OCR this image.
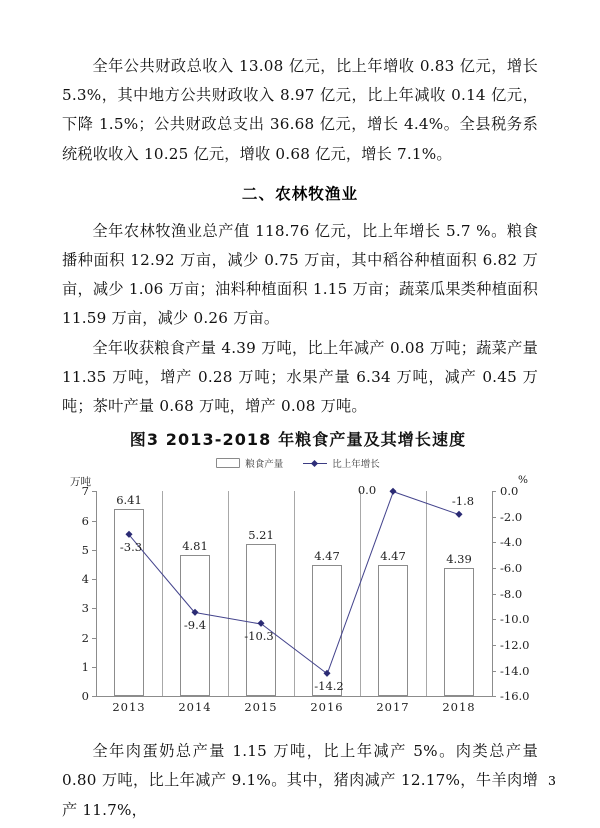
全年公共财政总收入 13.08 亿元，比上年增收 0.83 亿元，增长 5.3%，其中地方公共财政收入 8.97 亿元，比上年减收 0.14 亿元，下降 1.5%；公共财政总支出 36.68 亿元，增长 4.4%。全县税务系统税收收入 10.25 亿元，增收 0.68 亿元，增长 7.1%。

二、农林牧渔业

全年农林牧渔业总产值 118.76 亿元，比上年增长 5.7 %。粮食播种面积 12.92 万亩，减少 0.75 万亩，其中稻谷种植面积 6.82 万亩，减少 1.06 万亩；油料种植面积 1.15 万亩；蔬菜瓜果类种植面积 11.59 万亩，减少 0.26 万亩。

全年收获粮食产量 4.39 万吨，比上年减产 0.08 万吨；蔬菜产量 11.35 万吨，增产 0.28 万吨；水果产量 6.34 万吨，减产 0.45 万吨；茶叶产量 0.68 万吨，增产 0.08 万吨。

图3 2013-2018 年粮食产量及其增长速度
粮食产量	比上年增长
万吨	%
7
6
5
4
3
2
1
0
0.0
-2.0
-4.0
-6.0
-8.0
-10.0
-12.0
-14.0
-16.0
6.41
4.81
5.21
4.47	4.47	4.39
-3.3
-9.4
-10.3
-14.2
0.0
-1.8
2013	2014	2015	2016	2017	2018

全年肉蛋奶总产量 1.15 万吨，比上年减产 5%。肉类总产量 0.80 万吨，比上年减产 9.1%。其中，猪肉减产 12.17%，牛羊肉增产 11.7%，

3
